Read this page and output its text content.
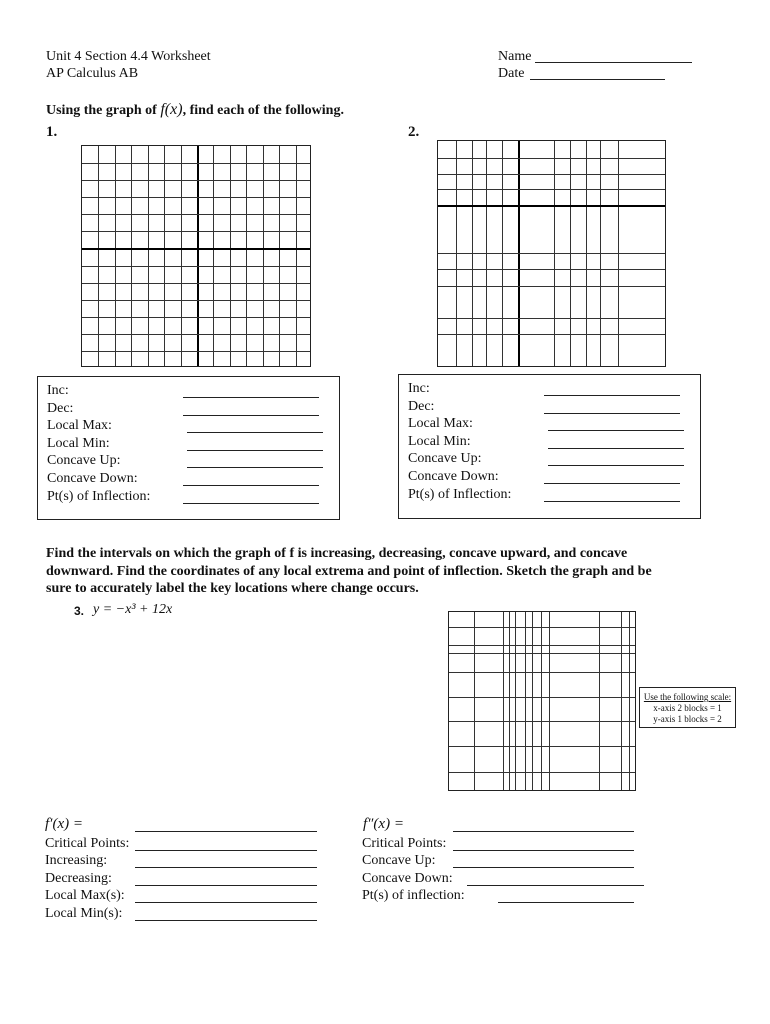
Unit 4 Section 4.4 Worksheet
AP Calculus AB
Name
Date
Using the graph of f(x), find each of the following.
1.	2.
Inc:
Dec:
Local Max:
Local Min:
Concave Up:
Concave Down:
Pt(s) of Inflection:
Inc:
Dec:
Local Max:
Local Min:
Concave Up:
Concave Down:
Pt(s) of Inflection:
Find the intervals on which the graph of f is increasing, decreasing, concave upward, and concave
downward. Find the coordinates of any local extrema and point of inflection. Sketch the graph and be
sure to accurately label the key locations where change occurs.
3. y = −x³ + 12x
Use the following scale:
x-axis 2 blocks = 1
y-axis 1 blocks = 2
f′(x) =
Critical Points:
Increasing:
Decreasing:
Local Max(s):
Local Min(s):
f″(x) =
Critical Points:
Concave Up:
Concave Down:
Pt(s) of inflection:
